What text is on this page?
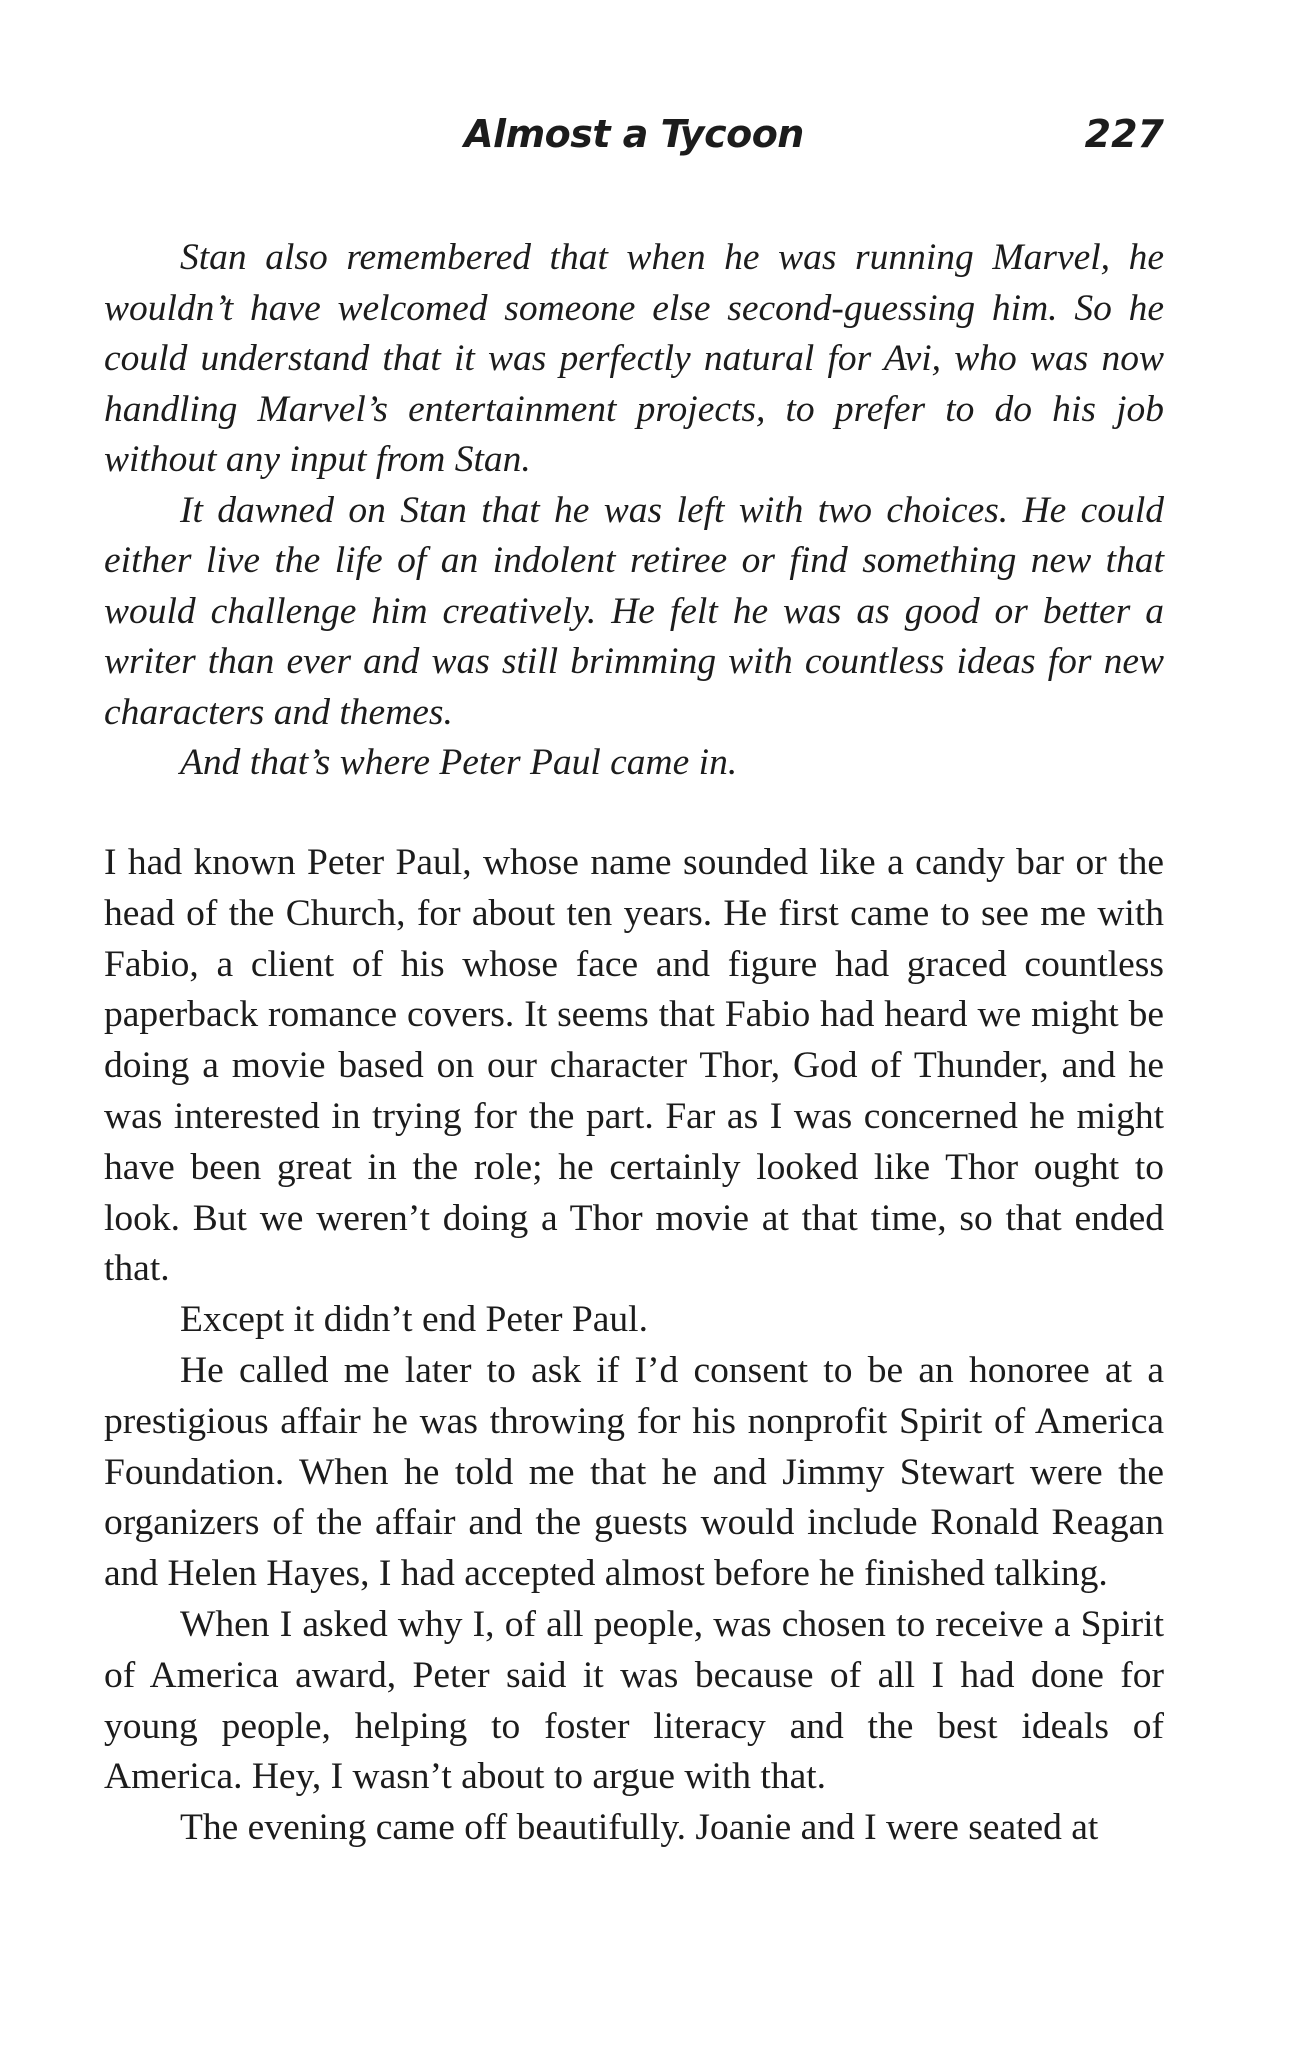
Almost a Tycoon	227

Stan also remembered that when he was running Marvel, he wouldn’t have welcomed someone else second-guessing him. So he could understand that it was perfectly natural for Avi, who was now handling Marvel’s entertainment projects, to prefer to do his job without any input from Stan.

It dawned on Stan that he was left with two choices. He could either live the life of an indolent retiree or find something new that would challenge him creatively. He felt he was as good or better a writer than ever and was still brimming with countless ideas for new characters and themes.

And that’s where Peter Paul came in.

I had known Peter Paul, whose name sounded like a candy bar or the head of the Church, for about ten years. He first came to see me with Fabio, a client of his whose face and figure had graced countless paperback romance covers. It seems that Fabio had heard we might be doing a movie based on our character Thor, God of Thunder, and he was interested in trying for the part. Far as I was concerned he might have been great in the role; he certainly looked like Thor ought to look. But we weren’t doing a Thor movie at that time, so that ended that.

Except it didn’t end Peter Paul.

He called me later to ask if I’d consent to be an honoree at a prestigious affair he was throwing for his nonprofit Spirit of America Foundation. When he told me that he and Jimmy Stewart were the organizers of the affair and the guests would include Ronald Reagan and Helen Hayes, I had accepted almost before he finished talking.

When I asked why I, of all people, was chosen to receive a Spirit of America award, Peter said it was because of all I had done for young people, helping to foster literacy and the best ideals of America. Hey, I wasn’t about to argue with that.

The evening came off beautifully. Joanie and I were seated at
